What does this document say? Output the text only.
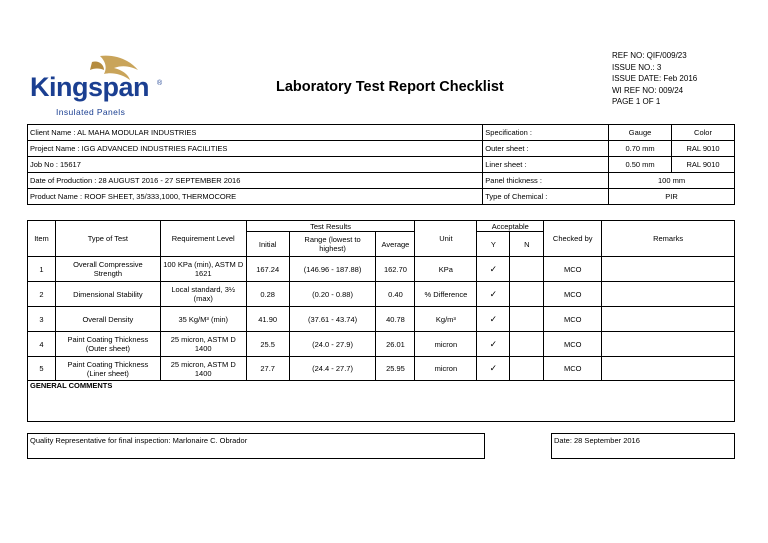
Kingspan ®
Insulated Panels
Laboratory Test Report Checklist
REF NO: QIF/009/23
ISSUE NO.: 3
ISSUE DATE: Feb 2016
WI REF NO: 009/24
PAGE 1 OF 1
Client Name : AL MAHA MODULAR INDUSTRIES	Specification :	Gauge	Color
Project Name : IGG ADVANCED INDUSTRIES FACILITIES	Outer sheet :	0.70 mm	RAL 9010
Job No : 15617	Liner sheet :	0.50 mm	RAL 9010
Date of Production : 28 AUGUST 2016 - 27 SEPTEMBER 2016	Panel thickness :	100 mm	
Product Name : ROOF SHEET, 35/333,1000, THERMOCORE	Type of Chemical :	PIR	
Item	Type of Test	Requirement Level	Test Results			Unit	Acceptable		Checked by	Remarks
			Initial	Range (lowest to highest)	Average		Y	N		
1	Overall Compressive Strength	100 KPa (min), ASTM D 1621	167.24	(146.96 - 187.88)	162.70	KPa	✓		MCO	
2	Dimensional Stability	Local standard, 3½ (max)	0.28	(0.20 - 0.88)	0.40	% Difference	✓		MCO	
3	Overall Density	35 Kg/M³ (min)	41.90	(37.61 - 43.74)	40.78	Kg/m³	✓		MCO	
4	Paint Coating Thickness (Outer sheet)	25 micron, ASTM D 1400	25.5	(24.0 - 27.9)	26.01	micron	✓		MCO	
5	Paint Coating Thickness (Liner sheet)	25 micron, ASTM D 1400	27.7	(24.4 - 27.7)	25.95	micron	✓		MCO	
GENERAL COMMENTS
Quality Representative for final inspection: Marlonaire C. Obrador	Date: 28 September 2016
